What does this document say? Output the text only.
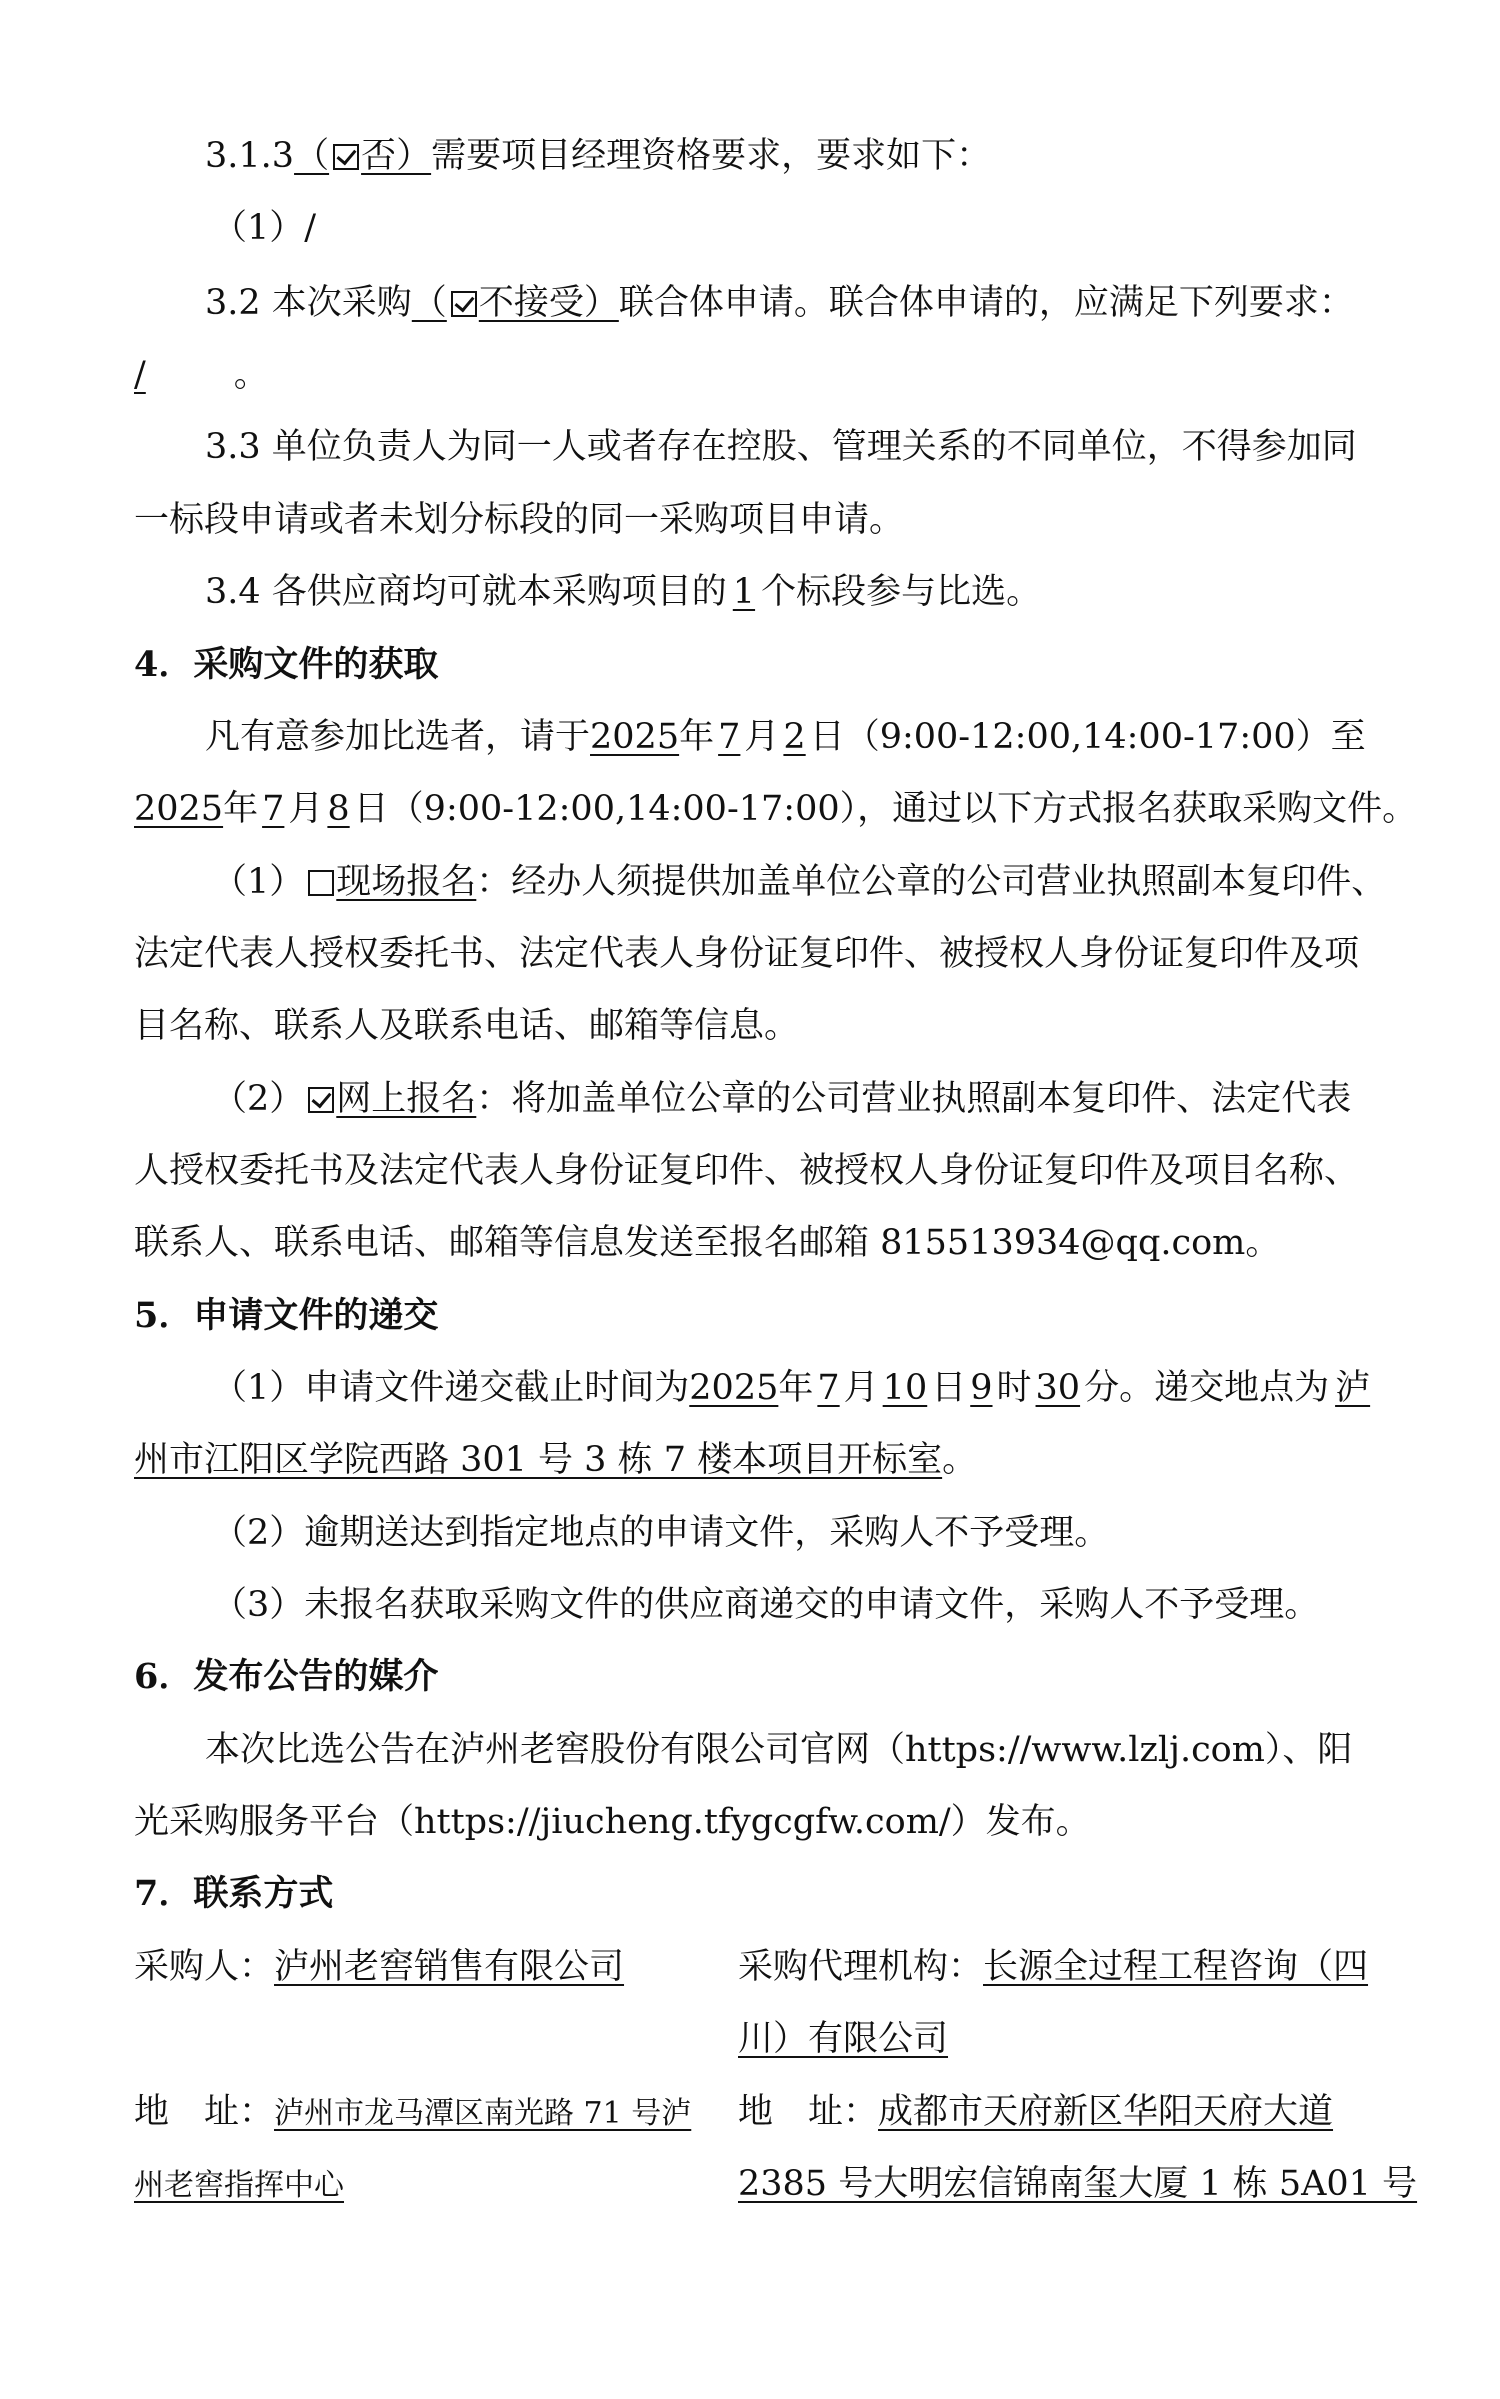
3.1.3（ 否）需要项目经理资格要求，要求如下：
（1）/
3.2 本次采购（ 不接受）联合体申请。联合体申请的，应满足下列要求：
/	。
3.3 单位负责人为同一人或者存在控股、管理关系的不同单位，不得参加同
一标段申请或者未划分标段的同一采购项目申请。
3.4 各供应商均可就本采购项目的 1 个标段参与比选。
4．采购文件的获取
凡有意参加比选者，请于2025年 7 月 2 日（9:00-12:00,14:00-17:00）至
2025年 7 月 8 日（9:00-12:00,14:00-17:00），通过以下方式报名获取采购文件。
（1） 现场报名：经办人须提供加盖单位公章的公司营业执照副本复印件、
法定代表人授权委托书、法定代表人身份证复印件、被授权人身份证复印件及项
目名称、联系人及联系电话、邮箱等信息。
（2） 网上报名：将加盖单位公章的公司营业执照副本复印件、法定代表
人授权委托书及法定代表人身份证复印件、被授权人身份证复印件及项目名称、
联系人、联系电话、邮箱等信息发送至报名邮箱 815513934@qq.com。
5．申请文件的递交
（1）申请文件递交截止时间为2025年 7 月 10 日 9 时 30 分。递交地点为 泸
州市江阳区学院西路 301 号 3 栋 7 楼本项目开标室。
（2）逾期送达到指定地点的申请文件，采购人不予受理。
（3）未报名获取采购文件的供应商递交的申请文件，采购人不予受理。
6．发布公告的媒介
本次比选公告在泸州老窖股份有限公司官网（https://www.lzlj.com）、阳
光采购服务平台（https://jiucheng.tfygcgfw.com/）发布。
7．联系方式
采购人：泸州老窖销售有限公司	采购代理机构：长源全过程工程咨询（四
川）有限公司
地　址：泸州市龙马潭区南光路 71 号泸
州老窖指挥中心
地　址：成都市天府新区华阳天府大道
2385 号大明宏信锦南玺大厦 1 栋 5A01 号
